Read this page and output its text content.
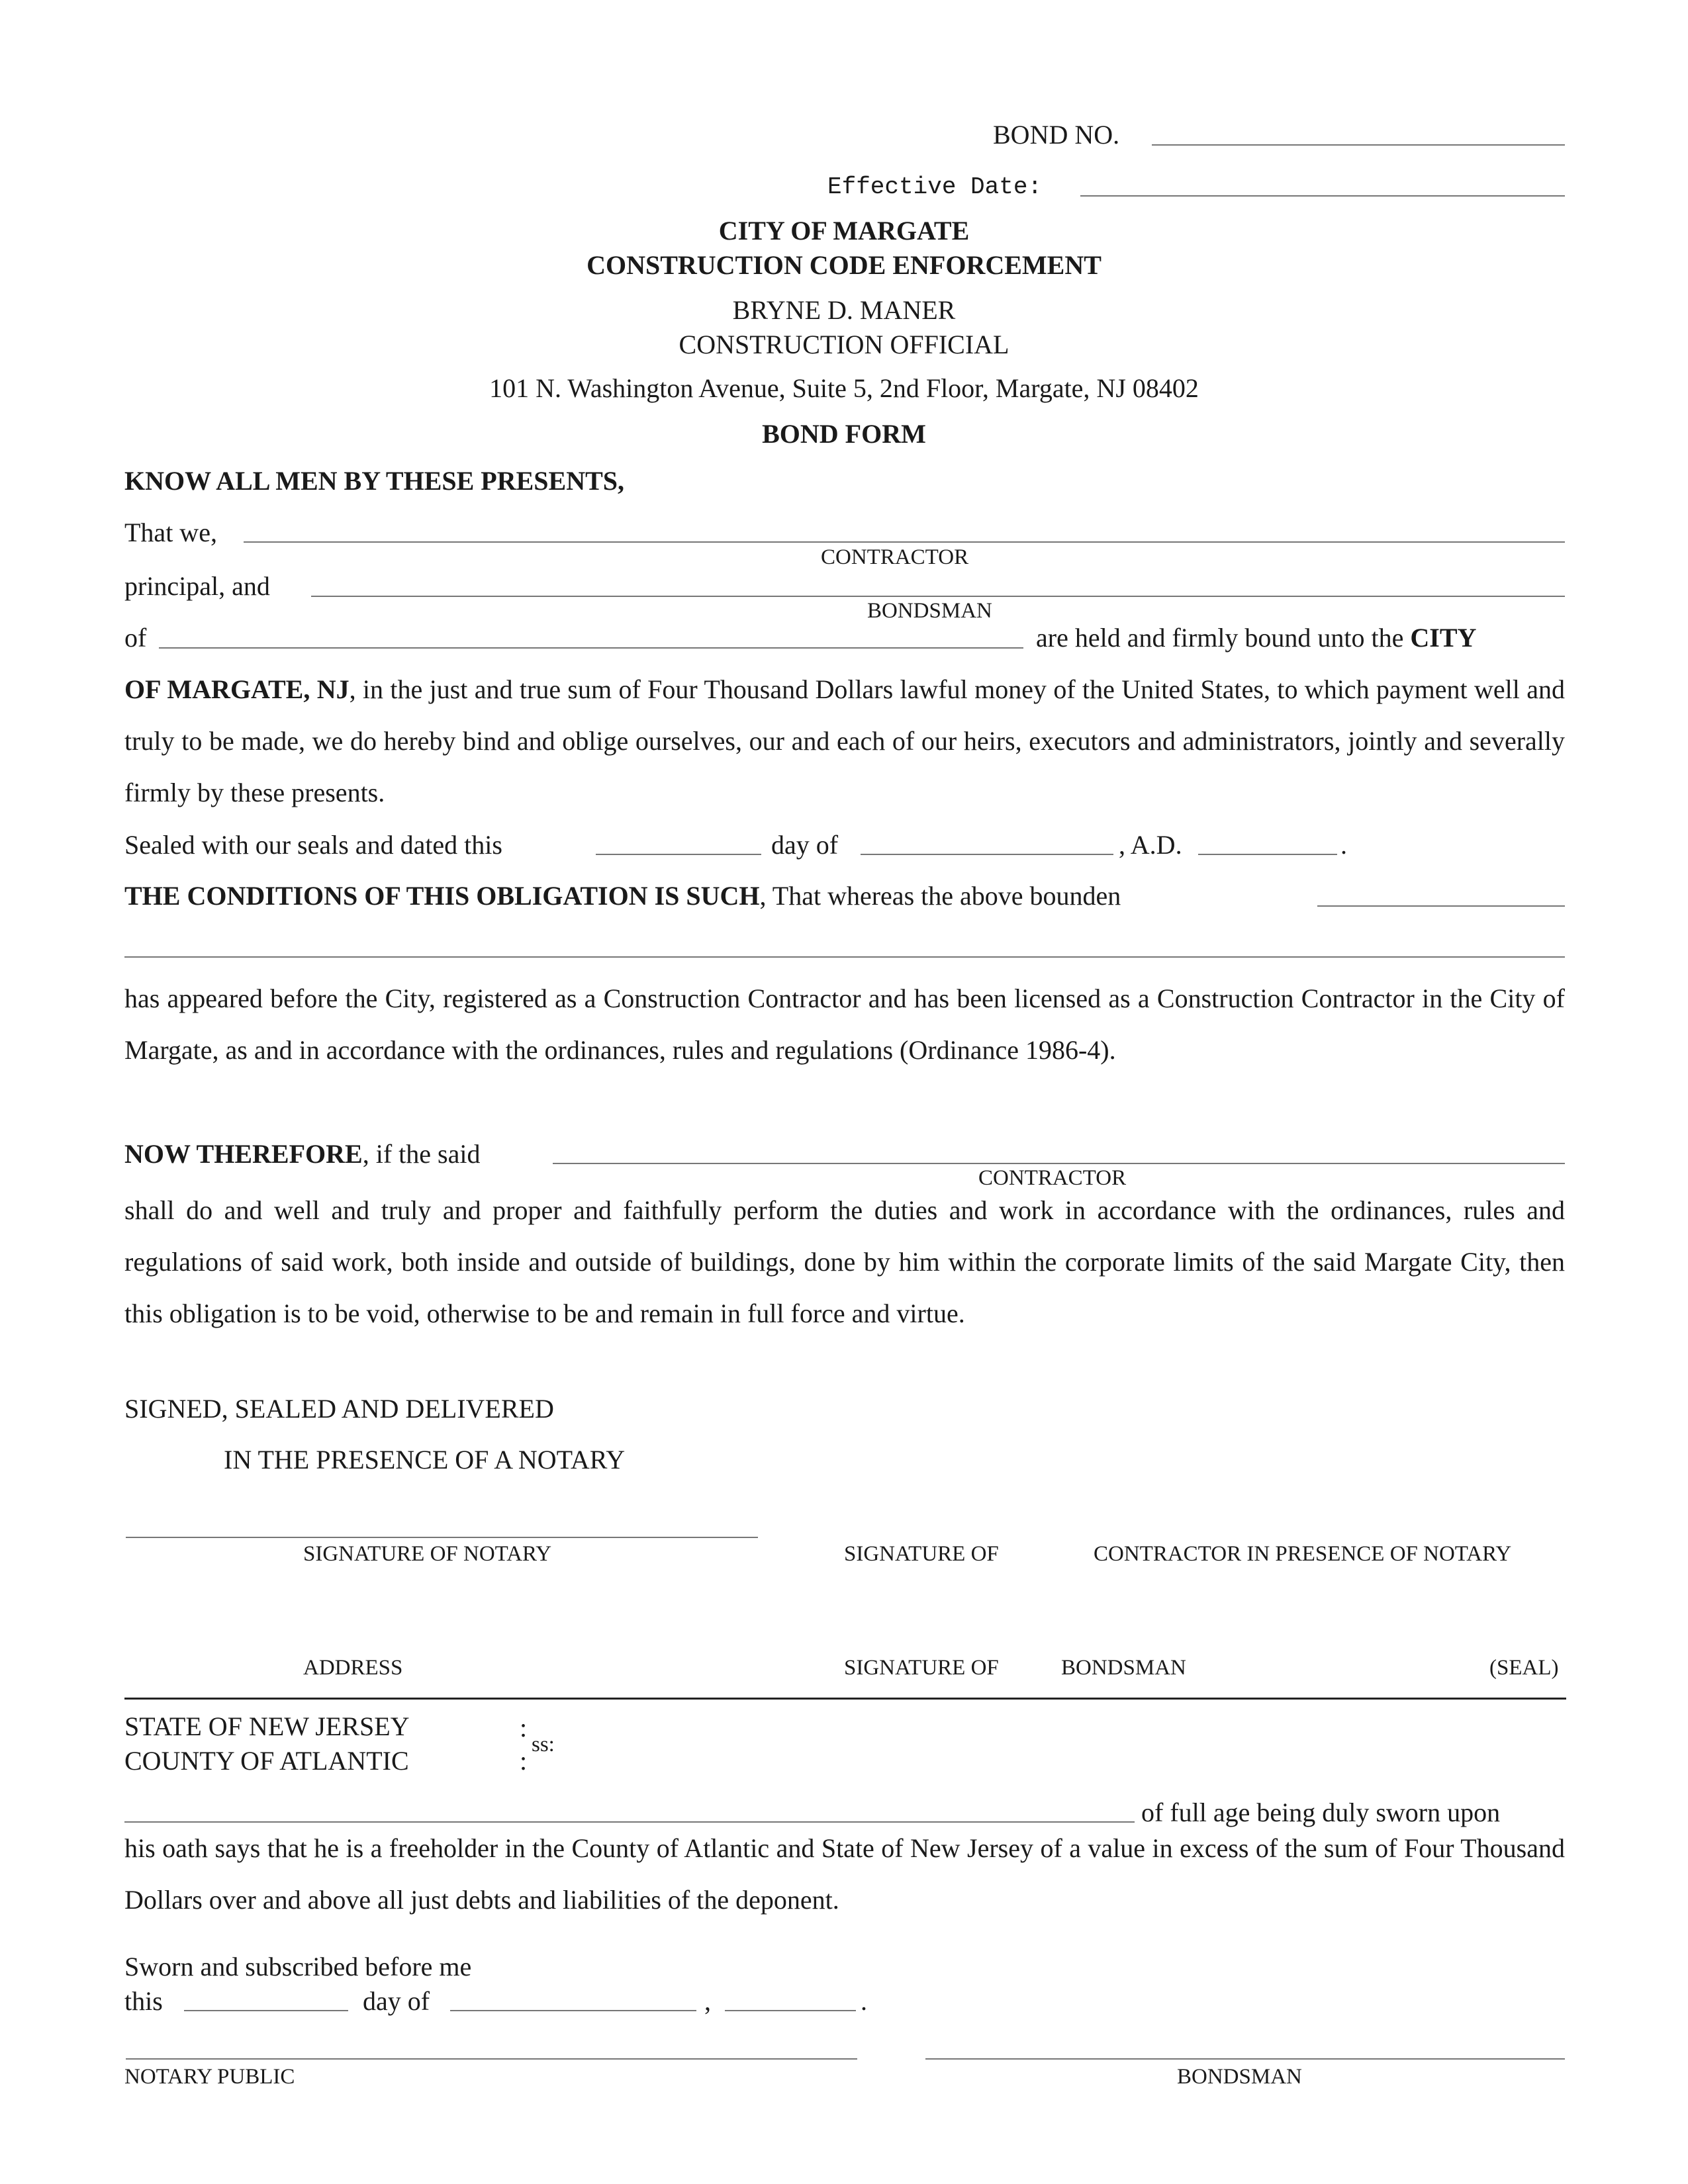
BOND NO.
Effective Date:
CITY OF MARGATE
CONSTRUCTION CODE ENFORCEMENT
BRYNE D. MANER
CONSTRUCTION OFFICIAL
101 N. Washington Avenue, Suite 5, 2nd Floor, Margate, NJ 08402
BOND FORM
KNOW ALL MEN BY THESE PRESENTS,
That we,
CONTRACTOR
principal, and
BONDSMAN
of	are held and firmly bound unto the CITY
OF MARGATE, NJ, in the just and true sum of Four Thousand Dollars lawful money of the United States, to which payment well and truly to be made, we do hereby bind and oblige ourselves, our and each of our heirs, executors and administrators, jointly and severally firmly by these presents.
Sealed with our seals and dated this	day of	, A.D.	.
THE CONDITIONS OF THIS OBLIGATION IS SUCH, That whereas the above bounden
has appeared before the City, registered as a Construction Contractor and has been licensed as a Construction Contractor in the City of Margate, as and in accordance with the ordinances, rules and regulations (Ordinance 1986-4).
NOW THEREFORE, if the said
CONTRACTOR
shall do and well and truly and proper and faithfully perform the duties and work in accordance with the ordinances, rules and regulations of said work, both inside and outside of buildings, done by him within the corporate limits of the said Margate City, then this obligation is to be void, otherwise to be and remain in full force and virtue.
SIGNED, SEALED AND DELIVERED
IN THE PRESENCE OF A NOTARY
SIGNATURE OF NOTARY	SIGNATURE OF	CONTRACTOR IN PRESENCE OF NOTARY
ADDRESS	SIGNATURE OF	BONDSMAN	(SEAL)
STATE OF NEW JERSEY
COUNTY OF ATLANTIC
:
:
ss:
of full age being duly sworn upon
his oath says that he is a freeholder in the County of Atlantic and State of New Jersey of a value in excess of the sum of Four Thousand Dollars over and above all just debts and liabilities of the deponent.
Sworn and subscribed before me
this	day of	,	.
NOTARY PUBLIC	BONDSMAN
